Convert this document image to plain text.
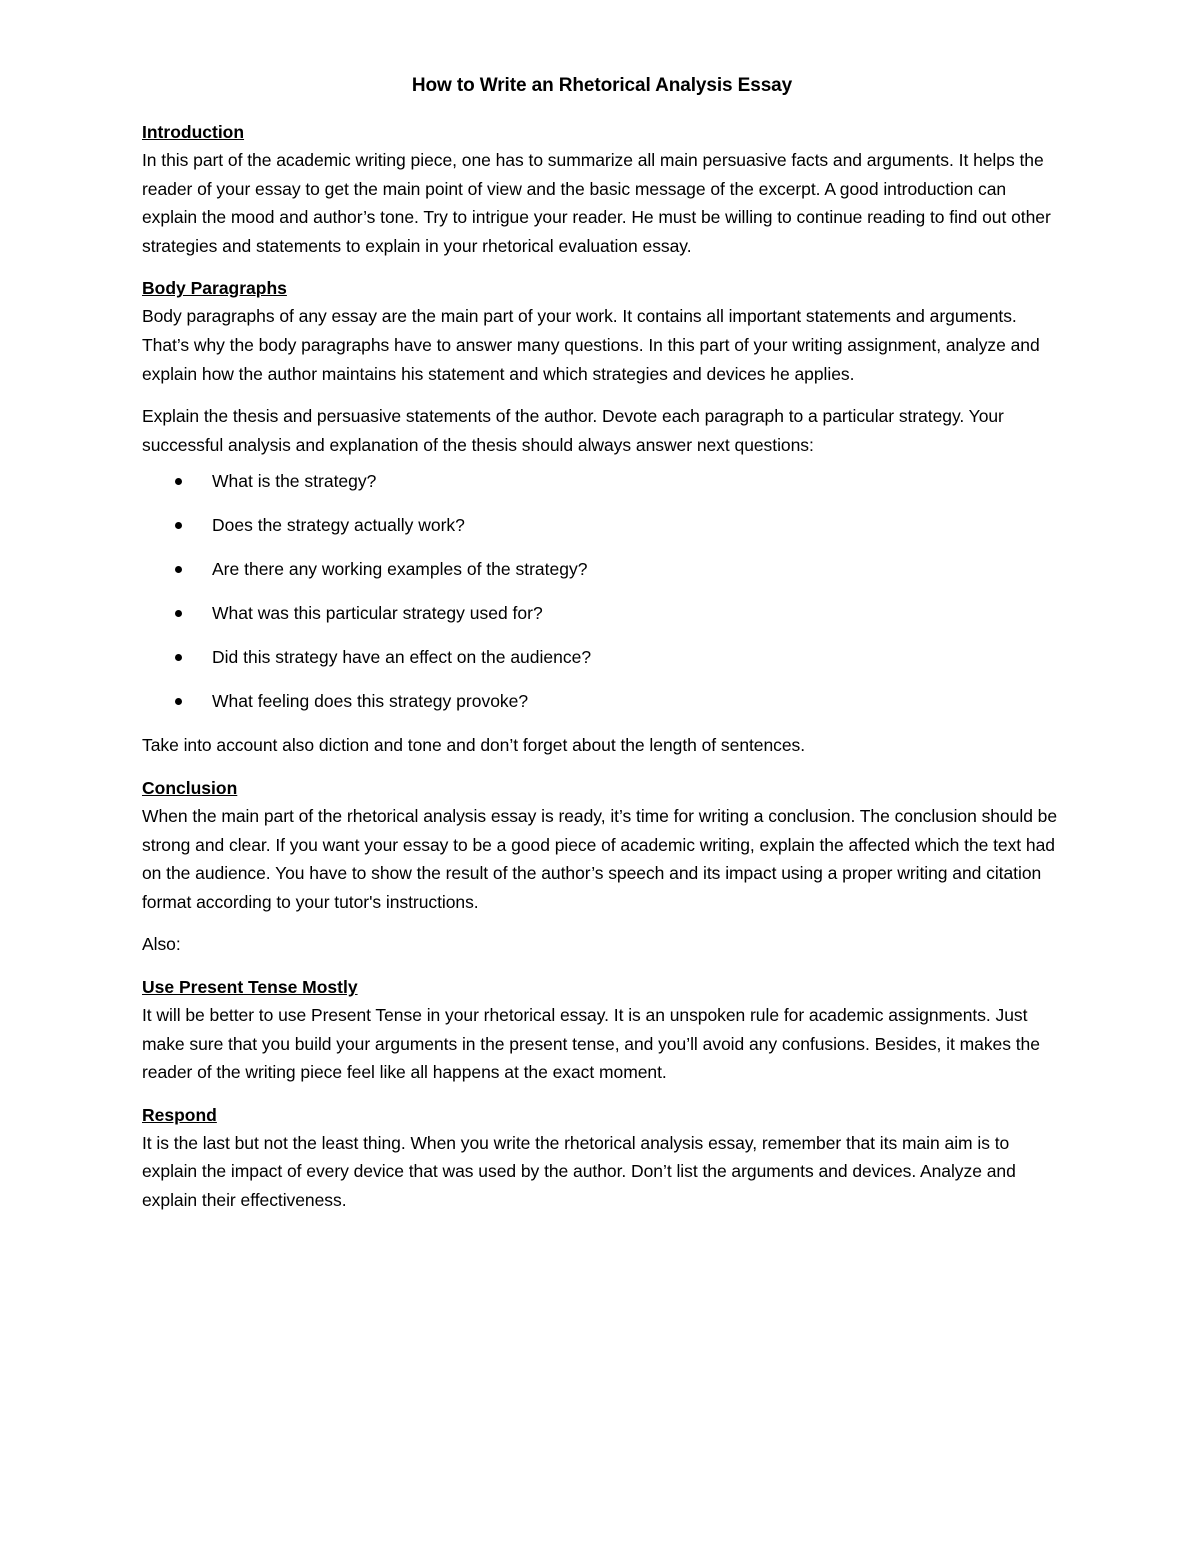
How to Write an Rhetorical Analysis Essay

Introduction

In this part of the academic writing piece, one has to summarize all main persuasive facts and arguments. It helps the reader of your essay to get the main point of view and the basic message of the excerpt. A good introduction can explain the mood and author’s tone. Try to intrigue your reader. He must be willing to continue reading to find out other strategies and statements to explain in your rhetorical evaluation essay.

Body Paragraphs

Body paragraphs of any essay are the main part of your work. It contains all important statements and arguments. That’s why the body paragraphs have to answer many questions. In this part of your writing assignment, analyze and explain how the author maintains his statement and which strategies and devices he applies.

Explain the thesis and persuasive statements of the author. Devote each paragraph to a particular strategy. Your successful analysis and explanation of the thesis should always answer next questions:

What is the strategy?
Does the strategy actually work?
Are there any working examples of the strategy?
What was this particular strategy used for?
Did this strategy have an effect on the audience?
What feeling does this strategy provoke?

Take into account also diction and tone and don’t forget about the length of sentences.

Conclusion

When the main part of the rhetorical analysis essay is ready, it’s time for writing a conclusion. The conclusion should be strong and clear. If you want your essay to be a good piece of academic writing, explain the affected which the text had on the audience. You have to show the result of the author’s speech and its impact using a proper writing and citation format according to your tutor's instructions.

Also:

Use Present Tense Mostly

It will be better to use Present Tense in your rhetorical essay. It is an unspoken rule for academic assignments. Just make sure that you build your arguments in the present tense, and you’ll avoid any confusions. Besides, it makes the reader of the writing piece feel like all happens at the exact moment.

Respond

It is the last but not the least thing. When you write the rhetorical analysis essay, remember that its main aim is to explain the impact of every device that was used by the author. Don’t list the arguments and devices. Analyze and explain their effectiveness.
